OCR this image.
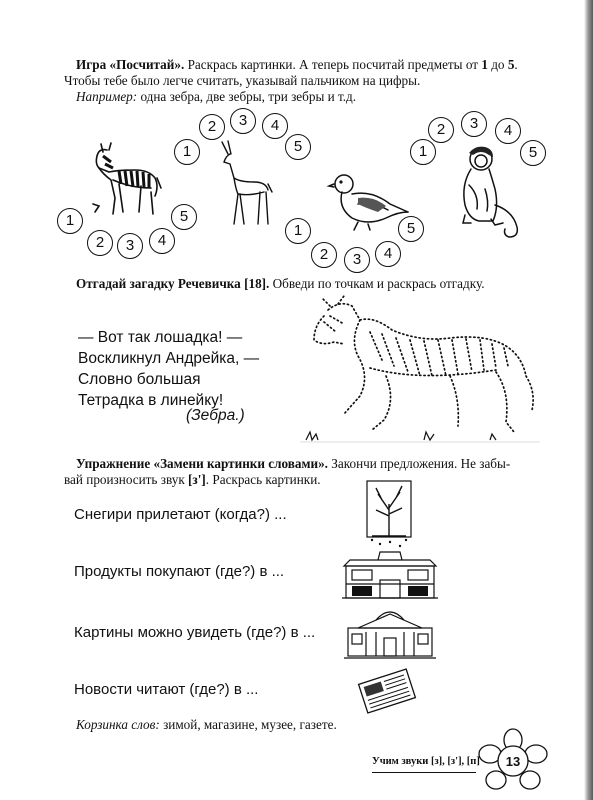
Игра «Посчитай». Раскрась картинки. А теперь посчитай предметы от 1 до 5.
Чтобы тебе было легче считать, указывай пальчиком на цифры.
Например: одна зебра, две зебры, три зебры и т.д.
1
2	3	4
5
1
2	3	4
5
1
2	3	4
5
1
2	3	4
5
Отгадай загадку Речевичка [18]. Обведи по точкам и раскрась отгадку.
— Вот так лошадка! —
Воскликнул Андрейка, —
Словно большая
Тетрадка в линейку!
(Зебра.)
Упражнение «Замени картинки словами». Закончи предложения. Не забы-
вай произносить звук [з']. Раскрась картинки.
Снегири прилетают (когда?) ...
Продукты покупают (где?) в ...
Картины можно увидеть (где?) в ...
Новости читают (где?) в ...
Корзинка слов: зимой, магазине, музее, газете.
Учим звуки [з], [з'], [п] 13
